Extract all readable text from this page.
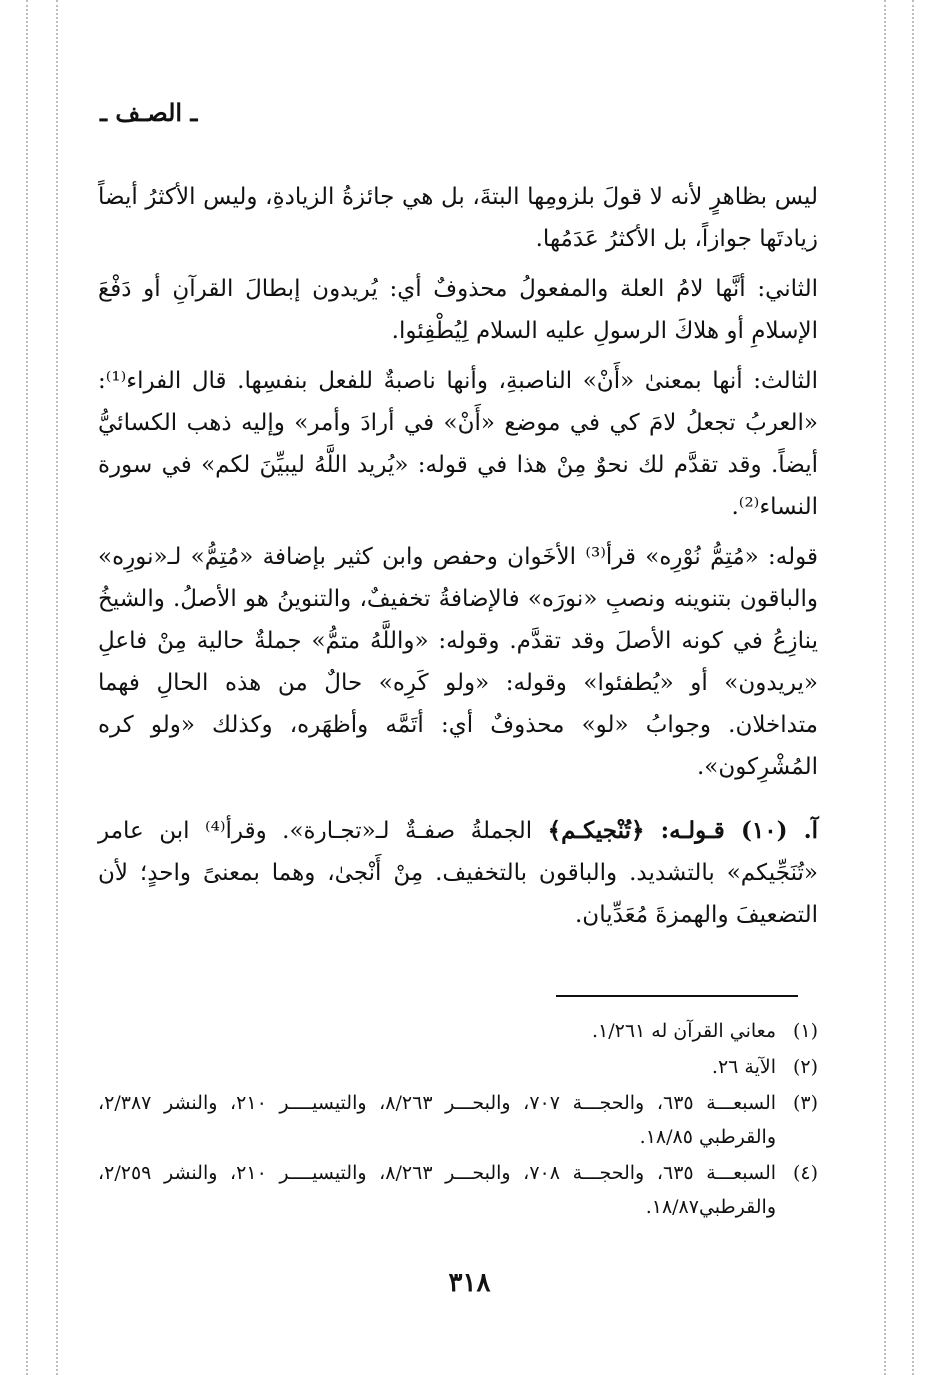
ـ الصـف ـ

ليس بظاهرٍ لأنه لا قولَ بلزومِها البتةَ، بل هي جائزةُ الزيادةِ، وليس الأكثرُ أيضاً زيادتَها جوازاً، بل الأكثرُ عَدَمُها.

الثاني: أنَّها لامُ العلة والمفعولُ محذوفٌ أي: يُريدون إبطالَ القرآنِ أو دَفْعَ الإسلامِ أو هلاكَ الرسولِ عليه السلام لِيُطْفِئوا.

الثالث: أنها بمعنىٰ «أَنْ» الناصبةِ، وأنها ناصبةٌ للفعل بنفسِها. قال الفراء⁽¹⁾: «العربُ تجعلُ لامَ كي في موضع «أَنْ» في أرادَ وأمر» وإليه ذهب الكسائيُّ أيضاً. وقد تقدَّم لك نحوٌ مِنْ هذا في قوله: «يُريد اللَّهُ ليبيِّنَ لكم» في سورة النساء⁽²⁾.

قوله: «مُتِمُّ نُوْرِه» قرأ⁽³⁾ الأخَوان وحفص وابن كثير بإضافة «مُتِمُّ» لـ«نورِه» والباقون بتنوينه ونصبِ «نورَه» فالإضافةُ تخفيفٌ، والتنوينُ هو الأصلُ. والشيخُ ينازِعُ في كونه الأصلَ وقد تقدَّم. وقوله: «واللَّهُ متمُّ» جملةٌ حالية مِنْ فاعلِ «يريدون» أو «يُطفئوا» وقوله: «ولو كَرِه» حالٌ من هذه الحالِ فهما متداخلان. وجوابُ «لو» محذوفٌ أي: أتَمَّه وأظهَره، وكذلك «ولو كره المُشْرِكون».

آ. (١٠) قـولـه: ﴿تُنْجيكـم﴾ الجملةُ صفـةٌ لـ«تجـارة». وقرأ⁽⁴⁾ ابن عامر «تُنَجِّيكم» بالتشديد. والباقون بالتخفيف. مِنْ أَنْجىٰ، وهما بمعنىً واحدٍ؛ لأن التضعيفَ والهمزةَ مُعَدِّيان.

(١)
معاني القرآن له ١/٢٦١.
(٢)
الآية ٢٦.
(٣)
السبعـــة ٦٣٥، والحجـــة ٧٠٧، والبحـــر ٨/٢٦٣، والتيسيــــر ٢١٠، والنشر ٢/٣٨٧، والقرطبي ١٨/٨٥.
(٤)
السبعـــة ٦٣٥، والحجـــة ٧٠٨، والبحـــر ٨/٢٦٣، والتيسيــــر ٢١٠، والنشر ٢/٢٥٩، والقرطبي١٨/٨٧.
٣١٨
